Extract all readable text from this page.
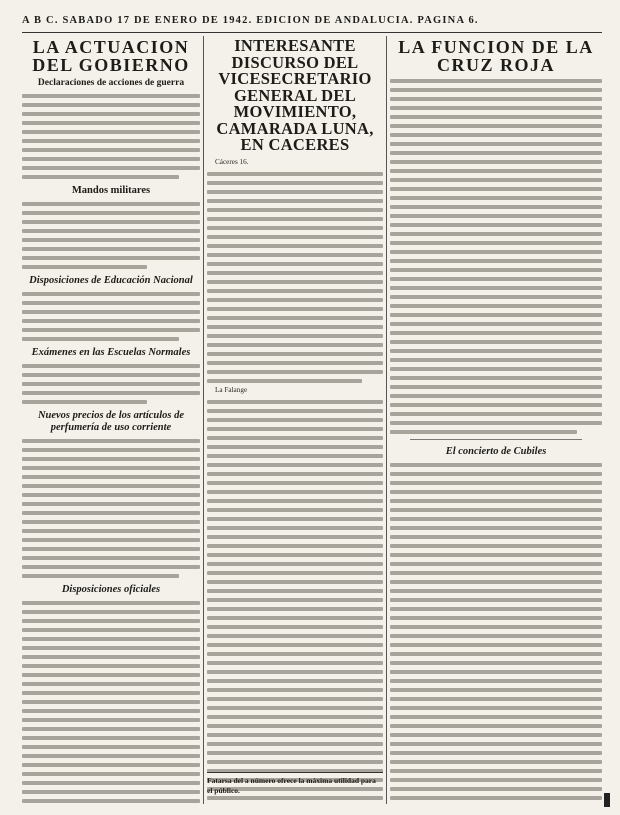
A B C. SABADO 17 DE ENERO DE 1942. EDICION DE ANDALUCIA. PAGINA 6.
LA ACTUACION DEL GOBIERNO
Declaraciones de acciones de guerra
Mandos militares
Disposiciones de Educación Nacional
Exámenes en las Escuelas Normales
Nuevos precios de los artículos de perfumería de uso corriente
Disposiciones oficiales
INTERESANTE DISCURSO DEL VICESECRETARIO GENERAL DEL MOVIMIENTO, CAMARADA LUNA, EN CACERES

Cáceres 16.

La Falange

LA FUNCION DE LA CRUZ ROJA
El concierto de Cubiles
Fatarsa del a número ofrece la máxima utilidad para el público.
